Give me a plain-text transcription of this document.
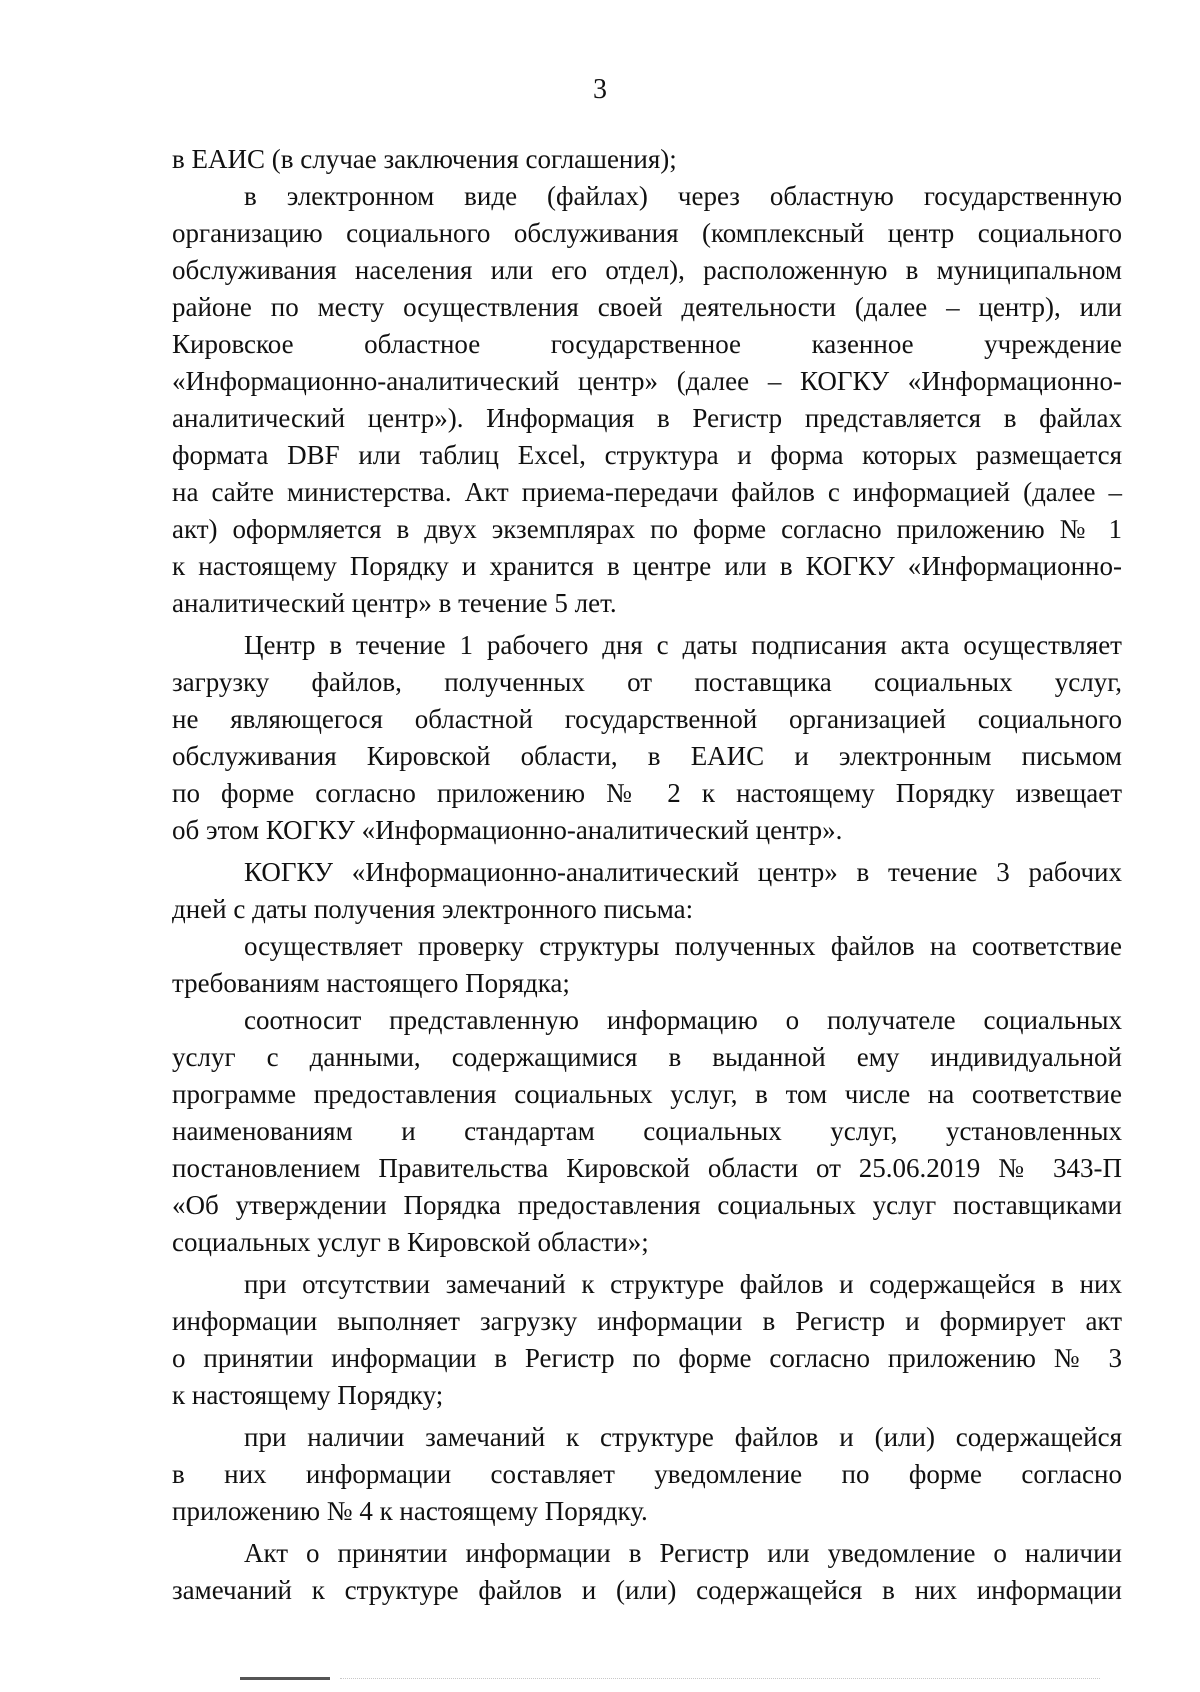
3
в ЕАИС (в случае заключения соглашения);
в электронном виде (файлах) через областную государственную
организацию социального обслуживания (комплексный центр социального
обслуживания населения или его отдел), расположенную в муниципальном
районе по месту осуществления своей деятельности (далее – центр), или
Кировское областное государственное казенное учреждение
«Информационно-аналитический центр» (далее – КОГКУ «Информационно-
аналитический центр»). Информация в Регистр представляется в файлах
формата DBF или таблиц Excel, структура и форма которых размещается
на сайте министерства. Акт приема-передачи файлов с информацией (далее –
акт) оформляется в двух экземплярах по форме согласно приложению № 1
к настоящему Порядку и хранится в центре или в КОГКУ «Информационно-
аналитический центр» в течение 5 лет.
Центр в течение 1 рабочего дня с даты подписания акта осуществляет
загрузку файлов, полученных от поставщика социальных услуг,
не являющегося областной государственной организацией социального
обслуживания Кировской области, в ЕАИС и электронным письмом
по форме согласно приложению № 2 к настоящему Порядку извещает
об этом КОГКУ «Информационно-аналитический центр».
КОГКУ «Информационно-аналитический центр» в течение 3 рабочих
дней с даты получения электронного письма:
осуществляет проверку структуры полученных файлов на соответствие
требованиям настоящего Порядка;
соотносит представленную информацию о получателе социальных
услуг с данными, содержащимися в выданной ему индивидуальной
программе предоставления социальных услуг, в том числе на соответствие
наименованиям и стандартам социальных услуг, установленных
постановлением Правительства Кировской области от 25.06.2019 № 343-П
«Об утверждении Порядка предоставления социальных услуг поставщиками
социальных услуг в Кировской области»;
при отсутствии замечаний к структуре файлов и содержащейся в них
информации выполняет загрузку информации в Регистр и формирует акт
о принятии информации в Регистр по форме согласно приложению № 3
к настоящему Порядку;
при наличии замечаний к структуре файлов и (или) содержащейся
в них информации составляет уведомление по форме согласно
приложению № 4 к настоящему Порядку.
Акт о принятии информации в Регистр или уведомление о наличии
замечаний к структуре файлов и (или) содержащейся в них информации
